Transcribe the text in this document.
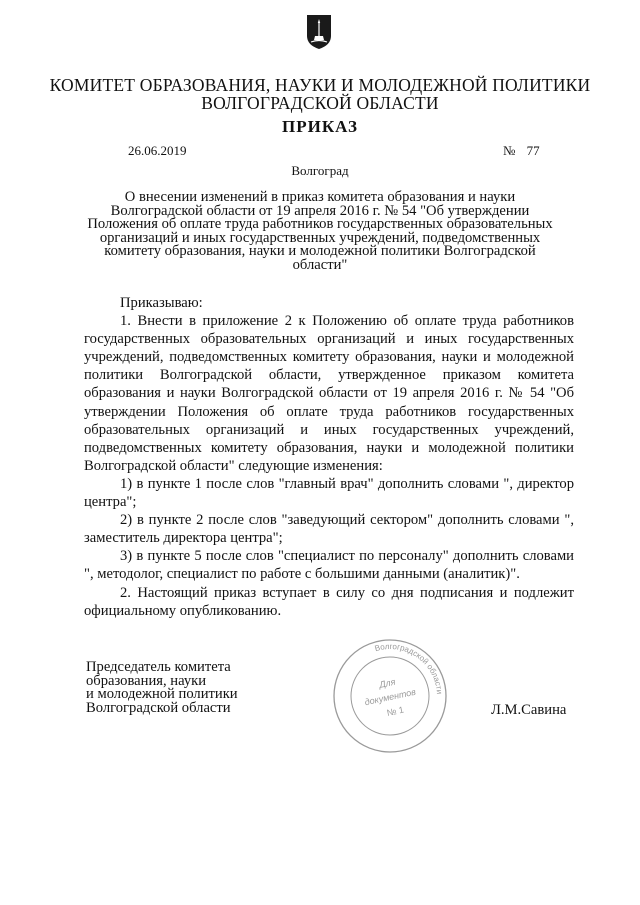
КОМИТЕТ ОБРАЗОВАНИЯ, НАУКИ И МОЛОДЕЖНОЙ ПОЛИТИКИ
ВОЛГОГРАДСКОЙ ОБЛАСТИ
ПРИКАЗ
26.06.2019	№ 77
Волгоград
О внесении изменений в приказ комитета образования и науки
Волгоградской области от 19 апреля 2016 г. № 54 "Об утверждении
Положения об оплате труда работников государственных образовательных
организаций и иных государственных учреждений, подведомственных
комитету образования, науки и молодежной политики Волгоградской
области"

Приказываю:

1. Внести в приложение 2 к Положению об оплате труда работников государственных образовательных организаций и иных государственных учреждений, подведомственных комитету образования, науки и молодежной политики Волгоградской области, утвержденное приказом комитета образования и науки Волгоградской области от 19 апреля 2016 г. № 54 "Об утверждении Положения об оплате труда работников государственных образовательных организаций и иных государственных учреждений, подведомственных комитету образования, науки и молодежной политики Волгоградской области" следующие изменения:

1) в пункте 1 после слов "главный врач" дополнить словами ", директор центра";

2) в пункте 2 после слов "заведующий сектором" дополнить словами ", заместитель директора центра";

3) в пункте 5 после слов "специалист по персоналу" дополнить словами ", методолог, специалист по работе с большими данными (аналитик)".

2. Настоящий приказ вступает в силу со дня подписания и подлежит официальному опубликованию.

Председатель комитета
образования, науки
и молодежной политики
Волгоградской области
Волгоградской области
Для
документов
№ 1	Л.М.Савина
